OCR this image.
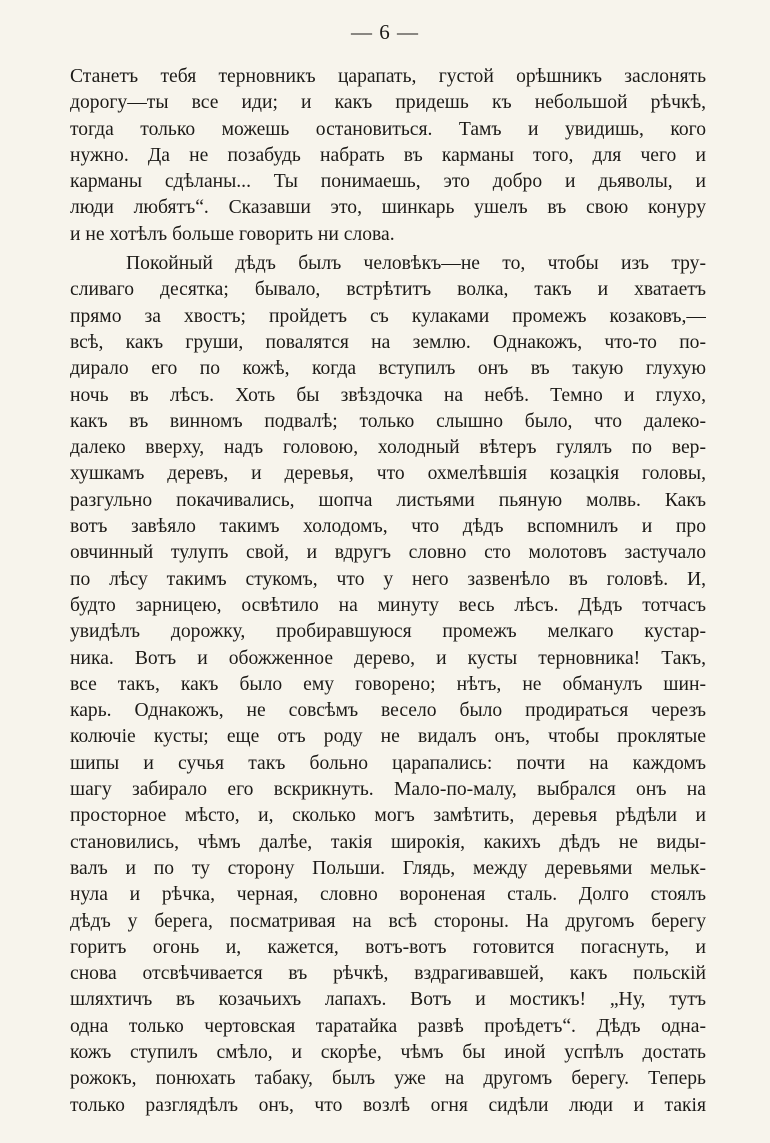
— 6 —
Станетъ тебя терновникъ царапать, густой орѣшникъ заслонять
дорогу—ты все иди; и какъ придешь къ небольшой рѣчкѣ,
тогда только можешь остановиться. Тамъ и увидишь, кого
нужно. Да не позабудь набрать въ карманы того, для чего и
карманы сдѣланы... Ты понимаешь, это добро и дьяволы, и
люди любятъ“. Сказавши это, шинкарь ушелъ въ свою конуру
и не хотѣлъ больше говорить ни слова.
Покойный дѣдъ былъ человѣкъ—не то, чтобы изъ тру-
сливаго десятка; бывало, встрѣтитъ волка, такъ и хватаетъ
прямо за хвостъ; пройдетъ съ кулаками промежъ козаковъ,—
всѣ, какъ груши, повалятся на землю. Однакожъ, что-то по-
дирало его по кожѣ, когда вступилъ онъ въ такую глухую
ночь въ лѣсъ. Хоть бы звѣздочка на небѣ. Темно и глухо,
какъ въ винномъ подвалѣ; только слышно было, что далеко-
далеко вверху, надъ головою, холодный вѣтеръ гулялъ по вер-
хушкамъ деревъ, и деревья, что охмелѣвшія козацкія головы,
разгульно покачивались, шопча листьями пьяную молвь. Какъ
вотъ завѣяло такимъ холодомъ, что дѣдъ вспомнилъ и про
овчинный тулупъ свой, и вдругъ словно сто молотовъ застучало
по лѣсу такимъ стукомъ, что у него зазвенѣло въ головѣ. И,
будто зарницею, освѣтило на минуту весь лѣсъ. Дѣдъ тотчасъ
увидѣлъ дорожку, пробиравшуюся промежъ мелкаго кустар-
ника. Вотъ и обожженное дерево, и кусты терновника! Такъ,
все такъ, какъ было ему говорено; нѣтъ, не обманулъ шин-
карь. Однакожъ, не совсѣмъ весело было продираться черезъ
колючіе кусты; еще отъ роду не видалъ онъ, чтобы проклятые
шипы и сучья такъ больно царапались: почти на каждомъ
шагу забирало его вскрикнуть. Мало-по-малу, выбрался онъ на
просторное мѣсто, и, сколько могъ замѣтить, деревья рѣдѣли и
становились, чѣмъ далѣе, такія широкія, какихъ дѣдъ не виды-
валъ и по ту сторону Польши. Глядь, между деревьями мельк-
нула и рѣчка, черная, словно вороненая сталь. Долго стоялъ
дѣдъ у берега, посматривая на всѣ стороны. На другомъ берегу
горитъ огонь и, кажется, вотъ-вотъ готовится погаснуть, и
снова отсвѣчивается въ рѣчкѣ, вздрагивавшей, какъ польскій
шляхтичъ въ козачьихъ лапахъ. Вотъ и мостикъ! „Ну, тутъ
одна только чертовская таратайка развѣ проѣдетъ“. Дѣдъ одна-
кожъ ступилъ смѣло, и скорѣе, чѣмъ бы иной успѣлъ достать
рожокъ, понюхать табаку, былъ уже на другомъ берегу. Теперь
только разглядѣлъ онъ, что возлѣ огня сидѣли люди и такія
